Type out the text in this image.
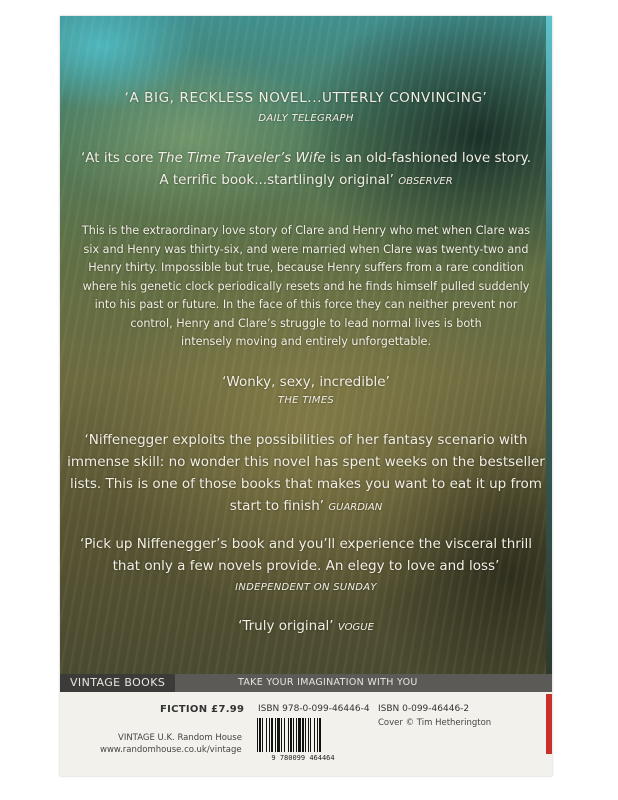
‘A BIG, RECKLESS NOVEL...UTTERLY CONVINCING’
DAILY TELEGRAPH
‘At its core The Time Traveler’s Wife is an old-fashioned love story.
A terrific book...startlingly original’ OBSERVER
This is the extraordinary love story of Clare and Henry who met when Clare was
six and Henry was thirty-six, and were married when Clare was twenty-two and
Henry thirty. Impossible but true, because Henry suffers from a rare condition
where his genetic clock periodically resets and he finds himself pulled suddenly
into his past or future. In the face of this force they can neither prevent nor
control, Henry and Clare’s struggle to lead normal lives is both
intensely moving and entirely unforgettable.
‘Wonky, sexy, incredible’
THE TIMES
‘Niffenegger exploits the possibilities of her fantasy scenario with
immense skill: no wonder this novel has spent weeks on the bestseller
lists. This is one of those books that makes you want to eat it up from
start to finish’ GUARDIAN
‘Pick up Niffenegger’s book and you’ll experience the visceral thrill
that only a few novels provide. An elegy to love and loss’
INDEPENDENT ON SUNDAY
‘Truly original’ VOGUE
VINTAGE BOOKS	TAKE YOUR IMAGINATION WITH YOU
FICTION £7.99 ISBN 978-0-099-46446-4 ISBN 0-099-46446-2
Cover © Tim Hetherington
VINTAGE U.K. Random House
www.randomhouse.co.uk/vintage
9 780099 464464
